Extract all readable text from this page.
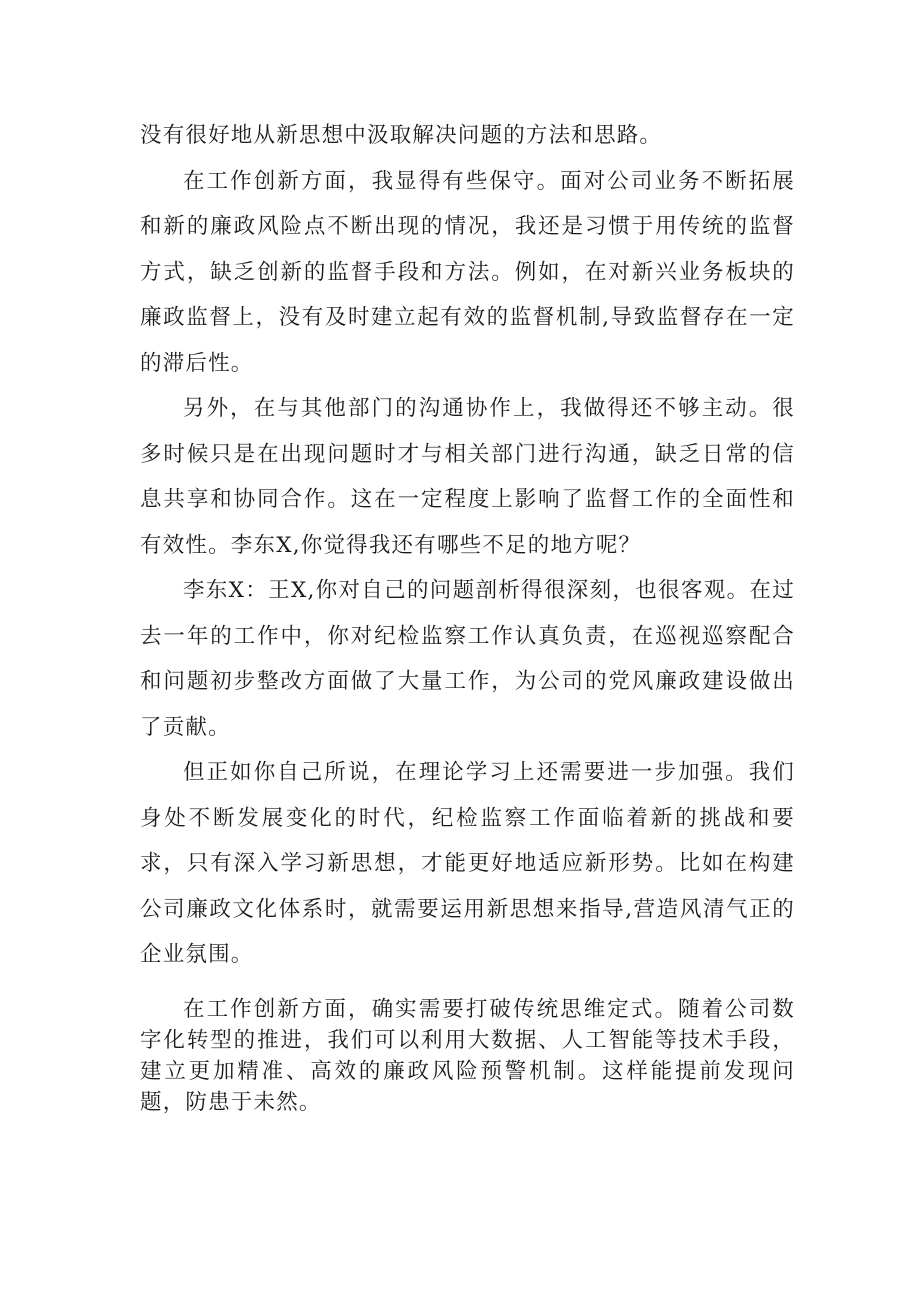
没有很好地从新思想中汲取解决问题的方法和思路。

在工作创新方面，我显得有些保守。面对公司业务不断拓展和新的廉政风险点不断出现的情况，我还是习惯于用传统的监督方式，缺乏创新的监督手段和方法。例如，在对新兴业务板块的廉政监督上，没有及时建立起有效的监督机制,导致监督存在一定的滞后性。

另外，在与其他部门的沟通协作上，我做得还不够主动。很多时候只是在出现问题时才与相关部门进行沟通，缺乏日常的信息共享和协同合作。这在一定程度上影响了监督工作的全面性和有效性。李东X,你觉得我还有哪些不足的地方呢？

李东X：王X,你对自己的问题剖析得很深刻，也很客观。在过去一年的工作中，你对纪检监察工作认真负责，在巡视巡察配合和问题初步整改方面做了大量工作，为公司的党风廉政建设做出了贡献。

但正如你自己所说，在理论学习上还需要进一步加强。我们身处不断发展变化的时代，纪检监察工作面临着新的挑战和要求，只有深入学习新思想，才能更好地适应新形势。比如在构建公司廉政文化体系时，就需要运用新思想来指导,营造风清气正的企业氛围。

在工作创新方面，确实需要打破传统思维定式。随着公司数字化转型的推进，我们可以利用大数据、人工智能等技术手段，建立更加精准、高效的廉政风险预警机制。这样能提前发现问题，防患于未然。
